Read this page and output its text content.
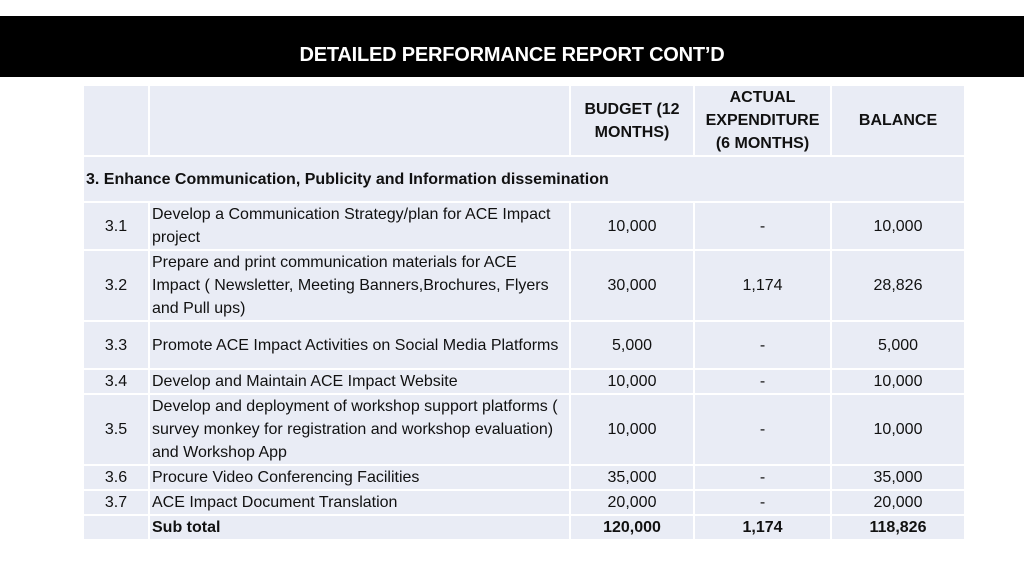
DETAILED PERFORMANCE REPORT CONT’D
		BUDGET (12 MONTHS)	ACTUAL EXPENDITURE (6 MONTHS)	BALANCE
3. Enhance Communication, Publicity and Information dissemination				
3.1	Develop a Communication Strategy/plan for ACE Impact project	10,000	-	10,000
3.2	Prepare and print communication materials for ACE Impact ( Newsletter, Meeting Banners,Brochures, Flyers and Pull ups)	30,000	1,174	28,826
3.3	Promote ACE Impact Activities on Social Media Platforms	5,000	-	5,000
3.4	Develop and Maintain ACE Impact Website	10,000	-	10,000
3.5	Develop and deployment of workshop support platforms ( survey monkey for registration and workshop evaluation) and Workshop App	10,000	-	10,000
3.6	Procure Video Conferencing Facilities	35,000	-	35,000
3.7	ACE Impact Document Translation	20,000	-	20,000
	Sub total	120,000	1,174	118,826
